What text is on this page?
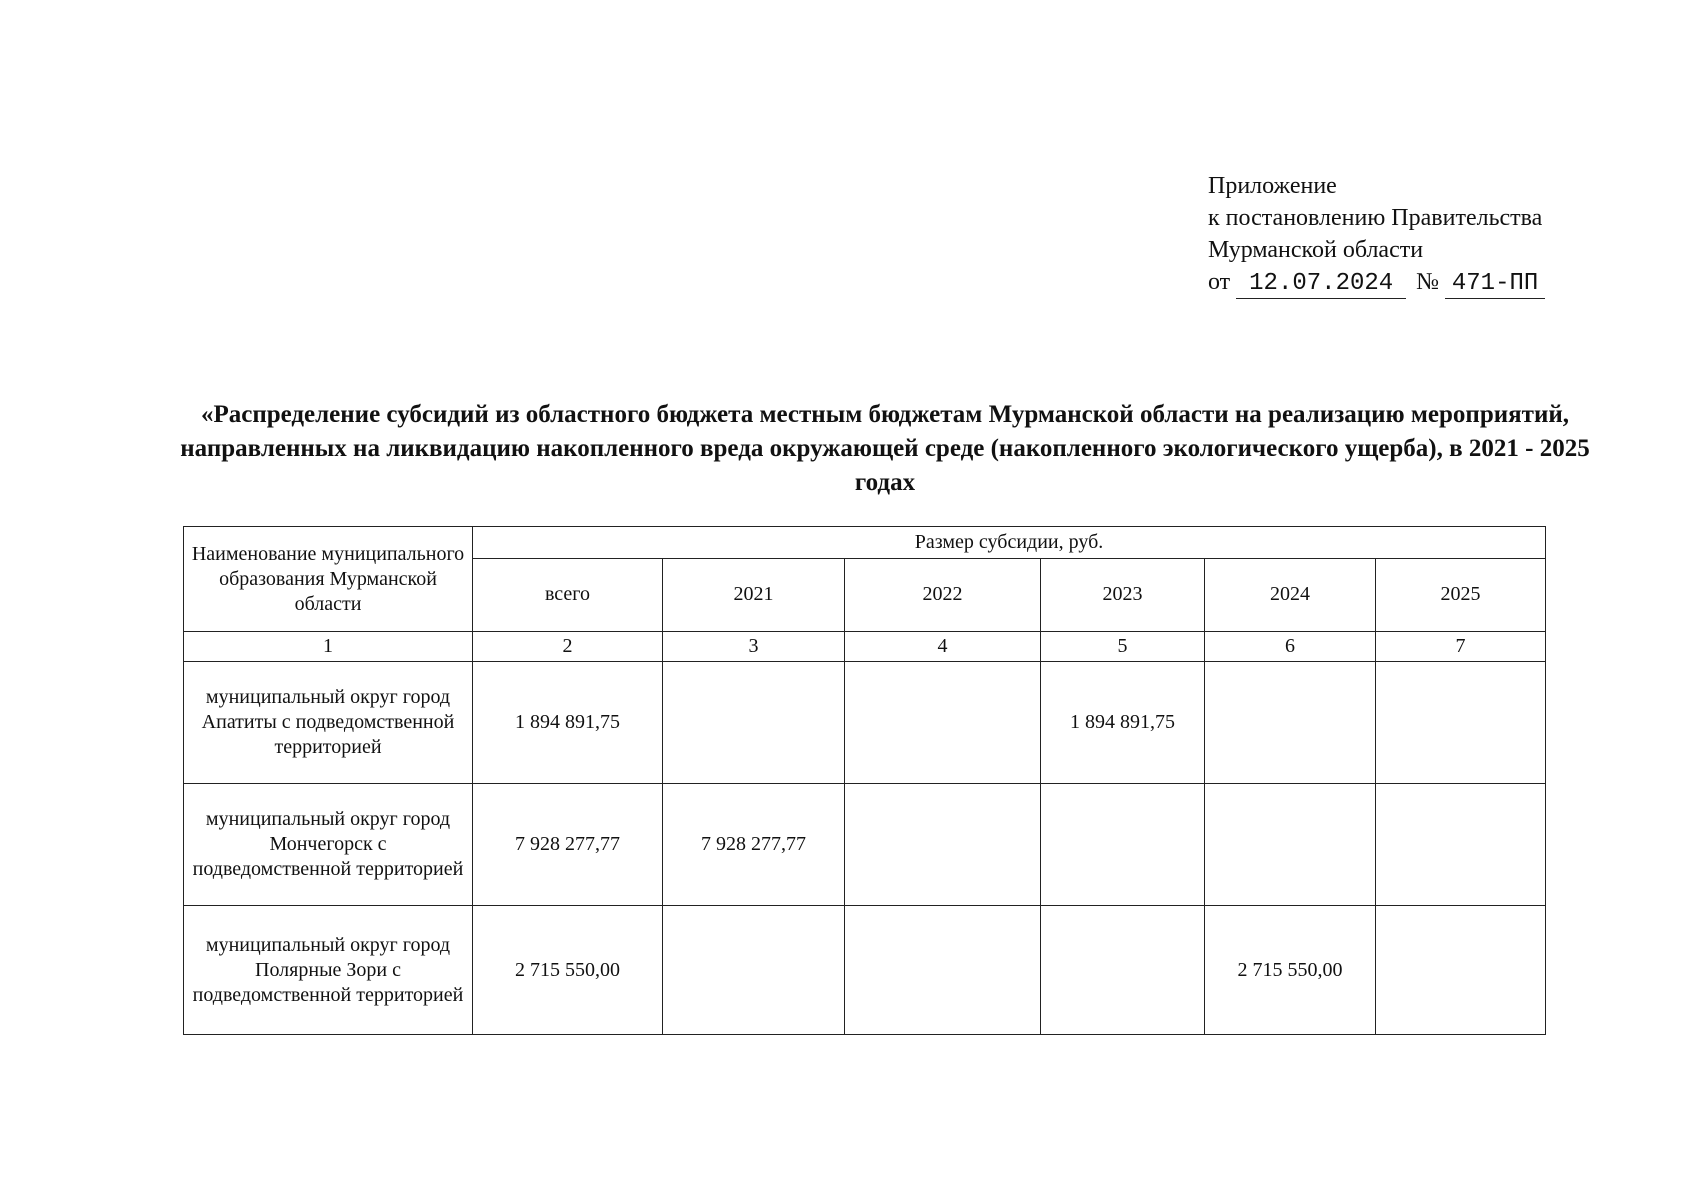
Приложение
к постановлению Правительства
Мурманской области
от 12.07.2024 № 471-ПП
«Распределение субсидий из областного бюджета местным бюджетам Мурманской области на реализацию мероприятий, направленных на ликвидацию накопленного вреда окружающей среде (накопленного экологического ущерба), в 2021 - 2025 годах
Наименование муниципального образования Мурманской области	Размер субсидии, руб.					
	всего	2021	2022	2023	2024	2025
1	2	3	4	5	6	7
муниципальный округ город Апатиты с подведомственной территорией	1 894 891,75			1 894 891,75		
муниципальный округ город Мончегорск с подведомственной территорией	7 928 277,77	7 928 277,77				
муниципальный округ город Полярные Зори с подведомственной территорией	2 715 550,00				2 715 550,00	
